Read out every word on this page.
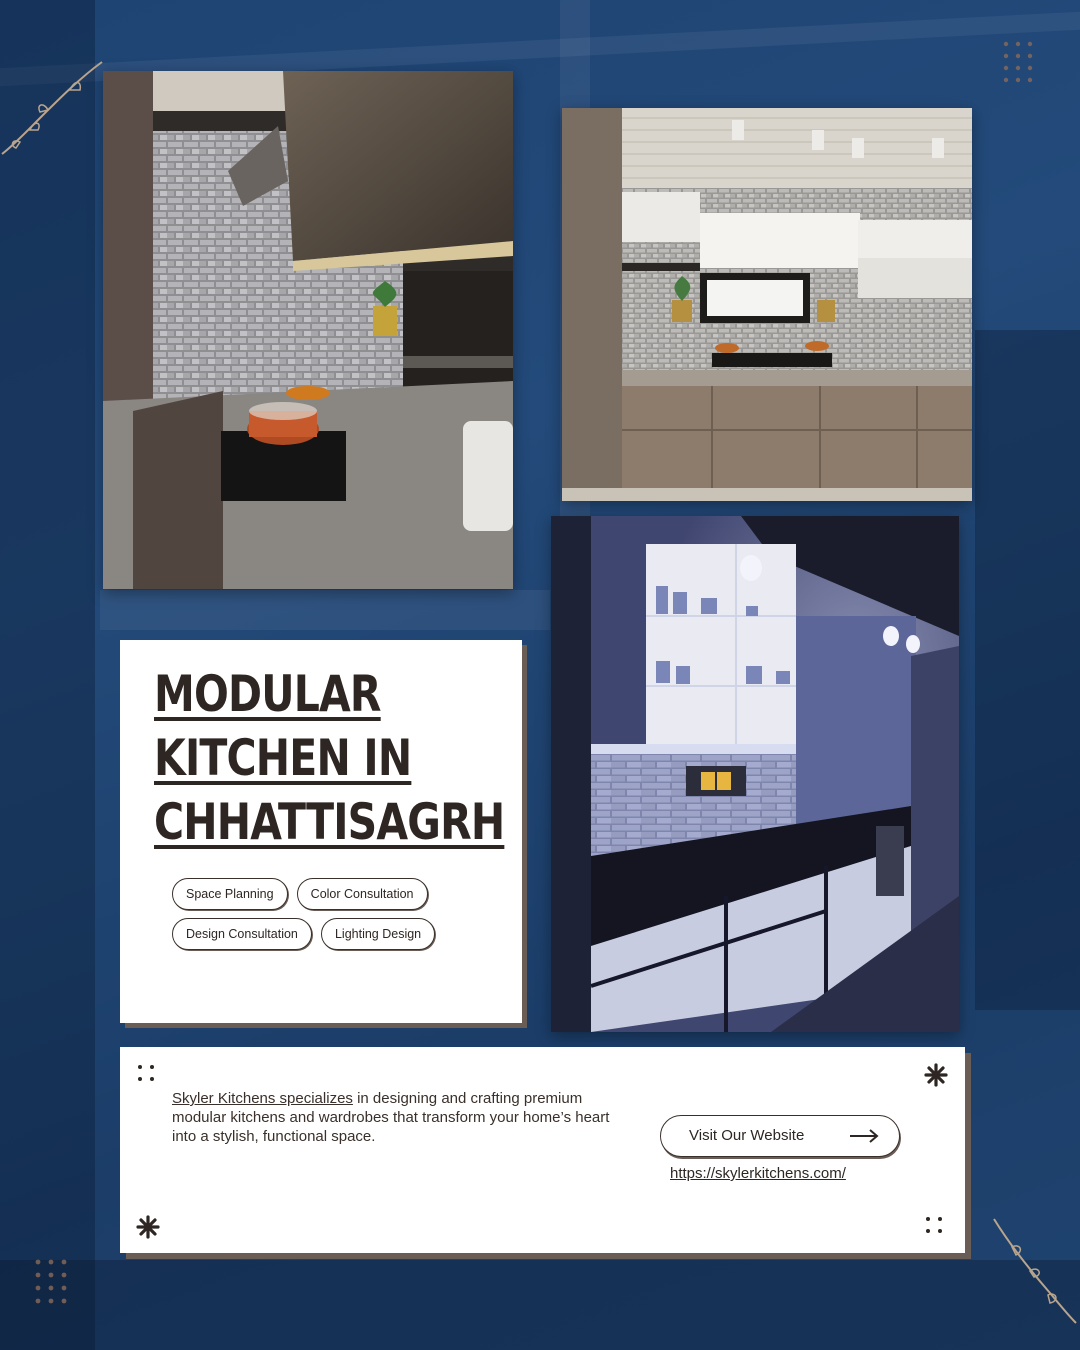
MODULAR
KITCHEN IN
CHHATTISAGRH
Space Planning	Color Consultation Design Consultation	Lighting Design

Skyler Kitchens specializes in designing and crafting premium modular kitchens and wardrobes that transform your home’s heart into a stylish, functional space.	Visit Our Website
https://skylerkitchens.com/
